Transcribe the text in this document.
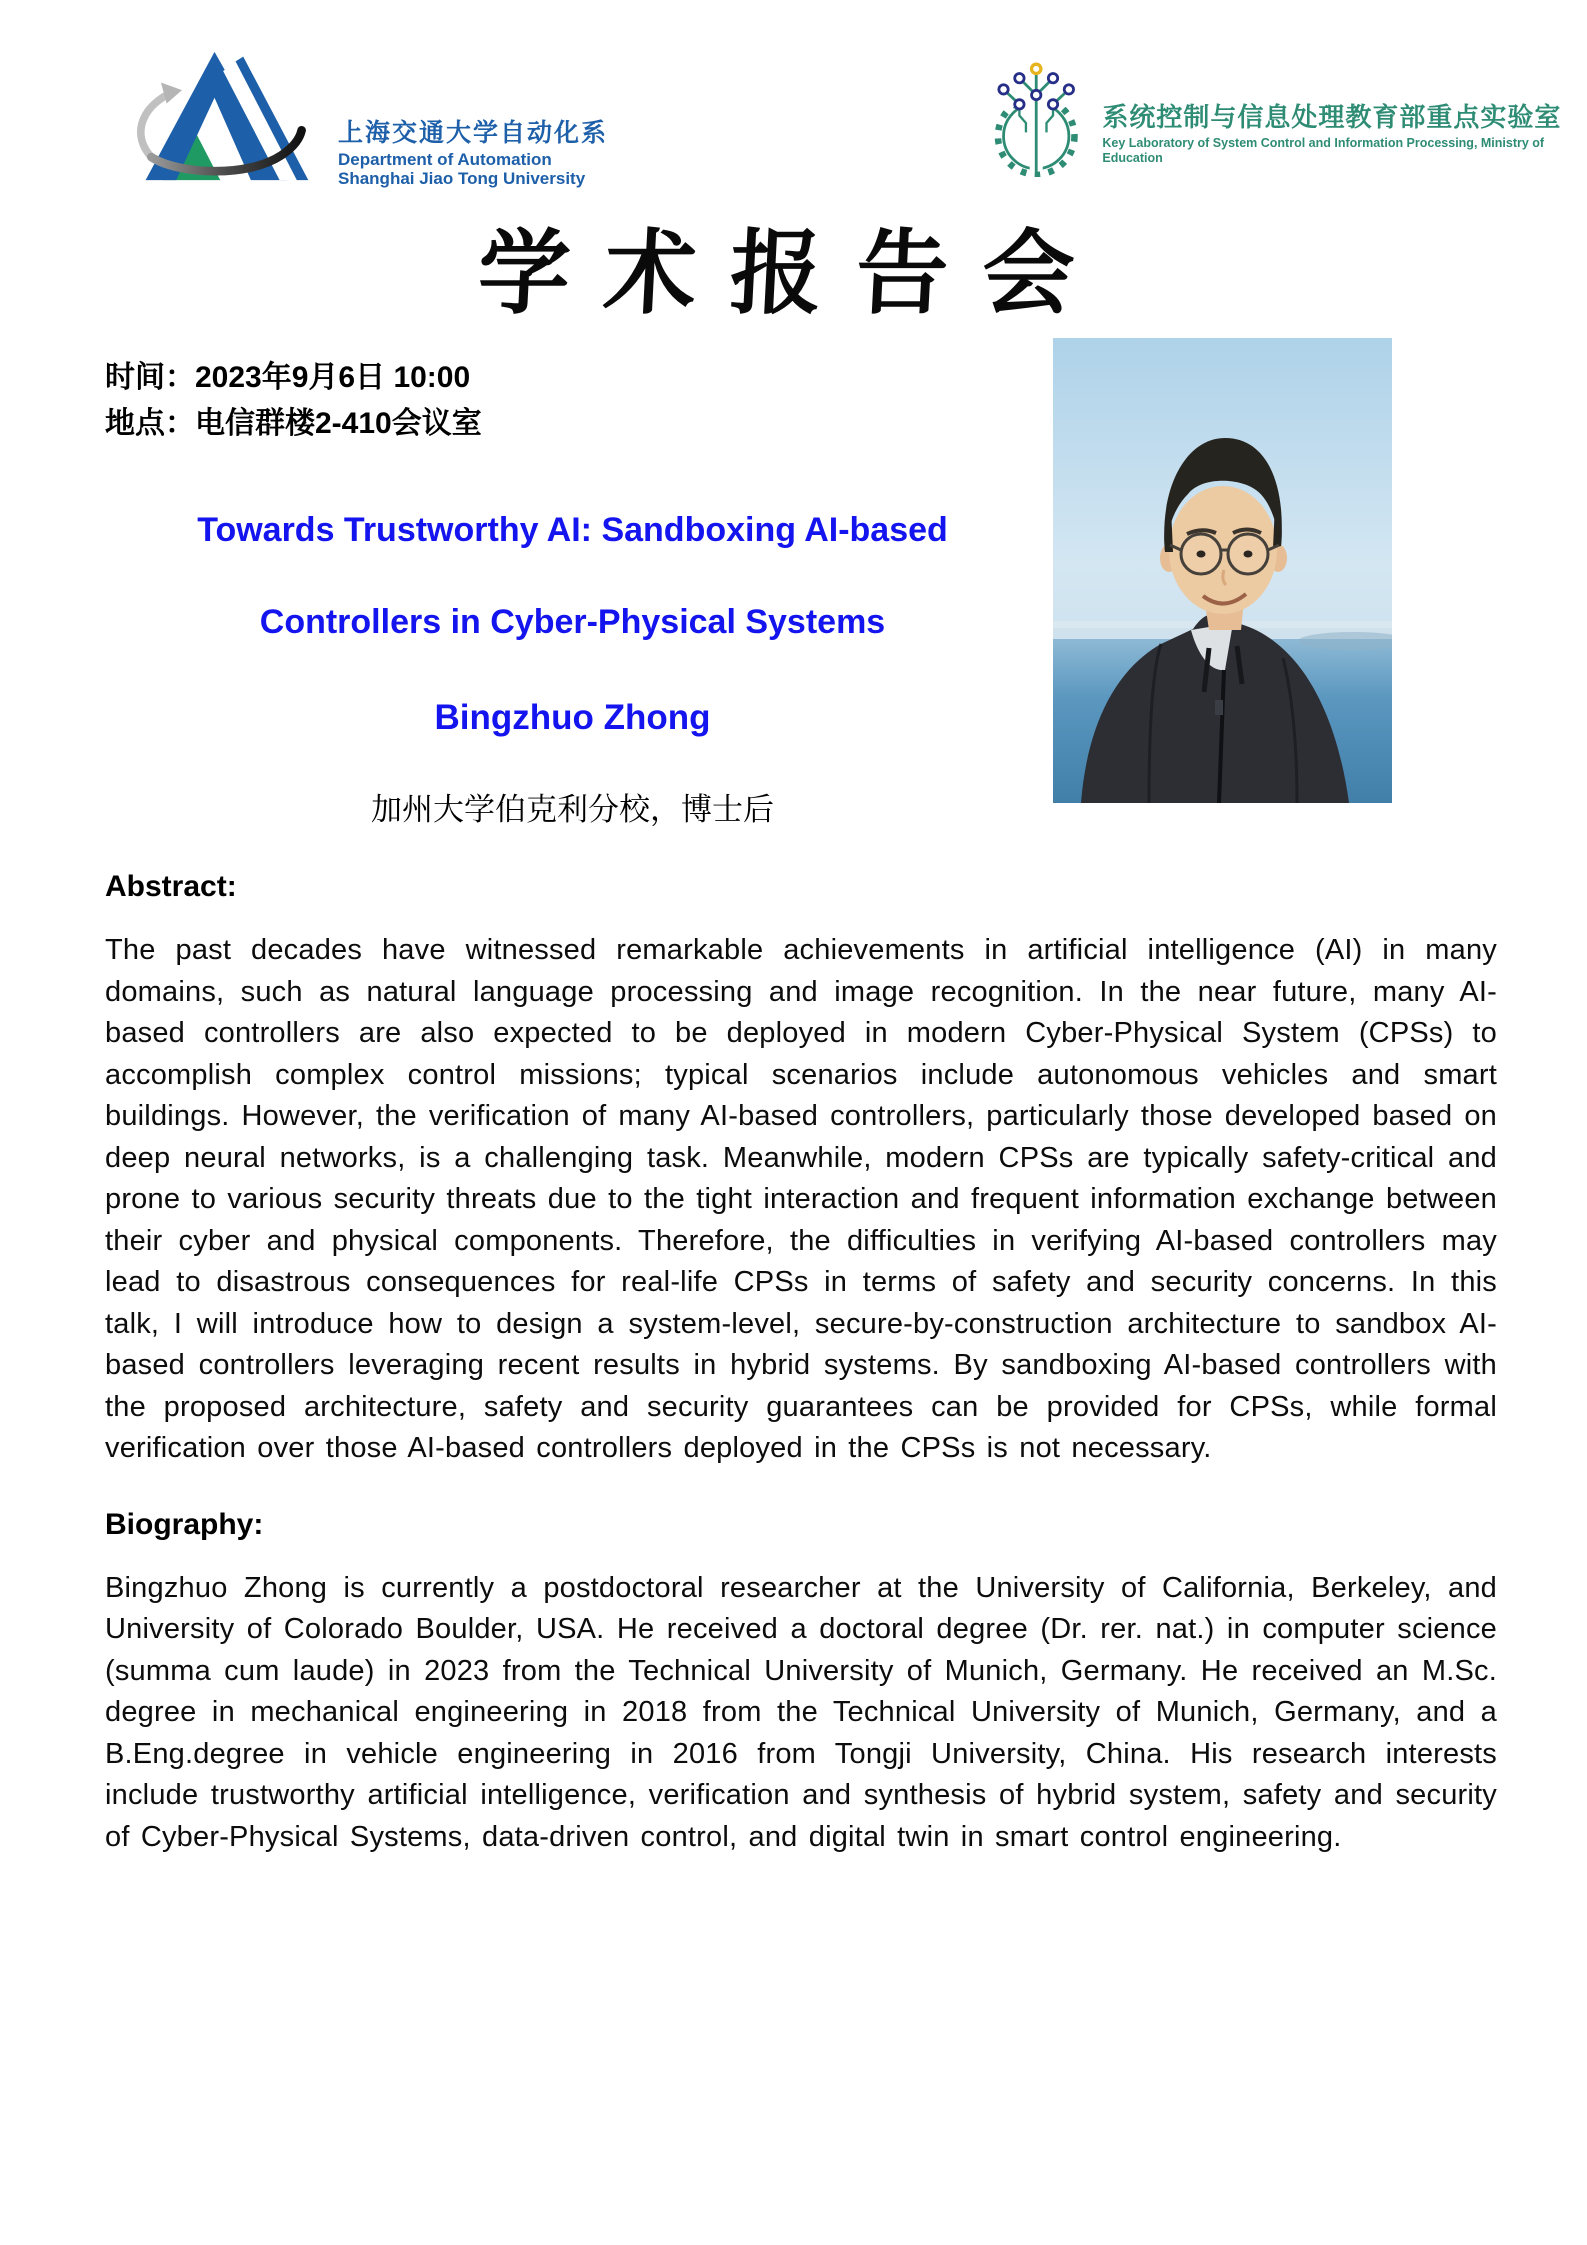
上海交通大学自动化系
Department of Automation
Shanghai Jiao Tong University
系统控制与信息处理教育部重点实验室
Key Laboratory of System Control and Information Processing, Ministry of Education
学术报告会
时间：2023年9月6日 10:00
地点：电信群楼2-410会议室
Towards Trustworthy AI: Sandboxing AI-based
Controllers in Cyber-Physical Systems
Bingzhuo Zhong
加州大学伯克利分校，博士后
Abstract:

The past decades have witnessed remarkable achievements in artificial intelligence (AI) in many domains, such as natural language processing and image recognition. In the near future, many AI-based controllers are also expected to be deployed in modern Cyber-Physical System (CPSs) to accomplish complex control missions; typical scenarios include autonomous vehicles and smart buildings. However, the verification of many AI-based controllers, particularly those developed based on deep neural networks, is a challenging task. Meanwhile, modern CPSs are typically safety-critical and prone to various security threats due to the tight interaction and frequent information exchange between their cyber and physical components. Therefore, the difficulties in verifying AI-based controllers may lead to disastrous consequences for real-life CPSs in terms of safety and security concerns. In this talk, I will introduce how to design a system-level, secure-by-construction architecture to sandbox AI-based controllers leveraging recent results in hybrid systems. By sandboxing AI-based controllers with the proposed architecture, safety and security guarantees can be provided for CPSs, while formal verification over those AI-based controllers deployed in the CPSs is not necessary.

Biography:

Bingzhuo Zhong is currently a postdoctoral researcher at the University of California, Berkeley, and University of Colorado Boulder, USA. He received a doctoral degree (Dr. rer. nat.) in computer science (summa cum laude) in 2023 from the Technical University of Munich, Germany. He received an M.Sc. degree in mechanical engineering in 2018 from the Technical University of Munich, Germany, and a B.Eng.degree in vehicle engineering in 2016 from Tongji University, China. His research interests include trustworthy artificial intelligence, verification and synthesis of hybrid system, safety and security of Cyber-Physical Systems, data-driven control, and digital twin in smart control engineering.
